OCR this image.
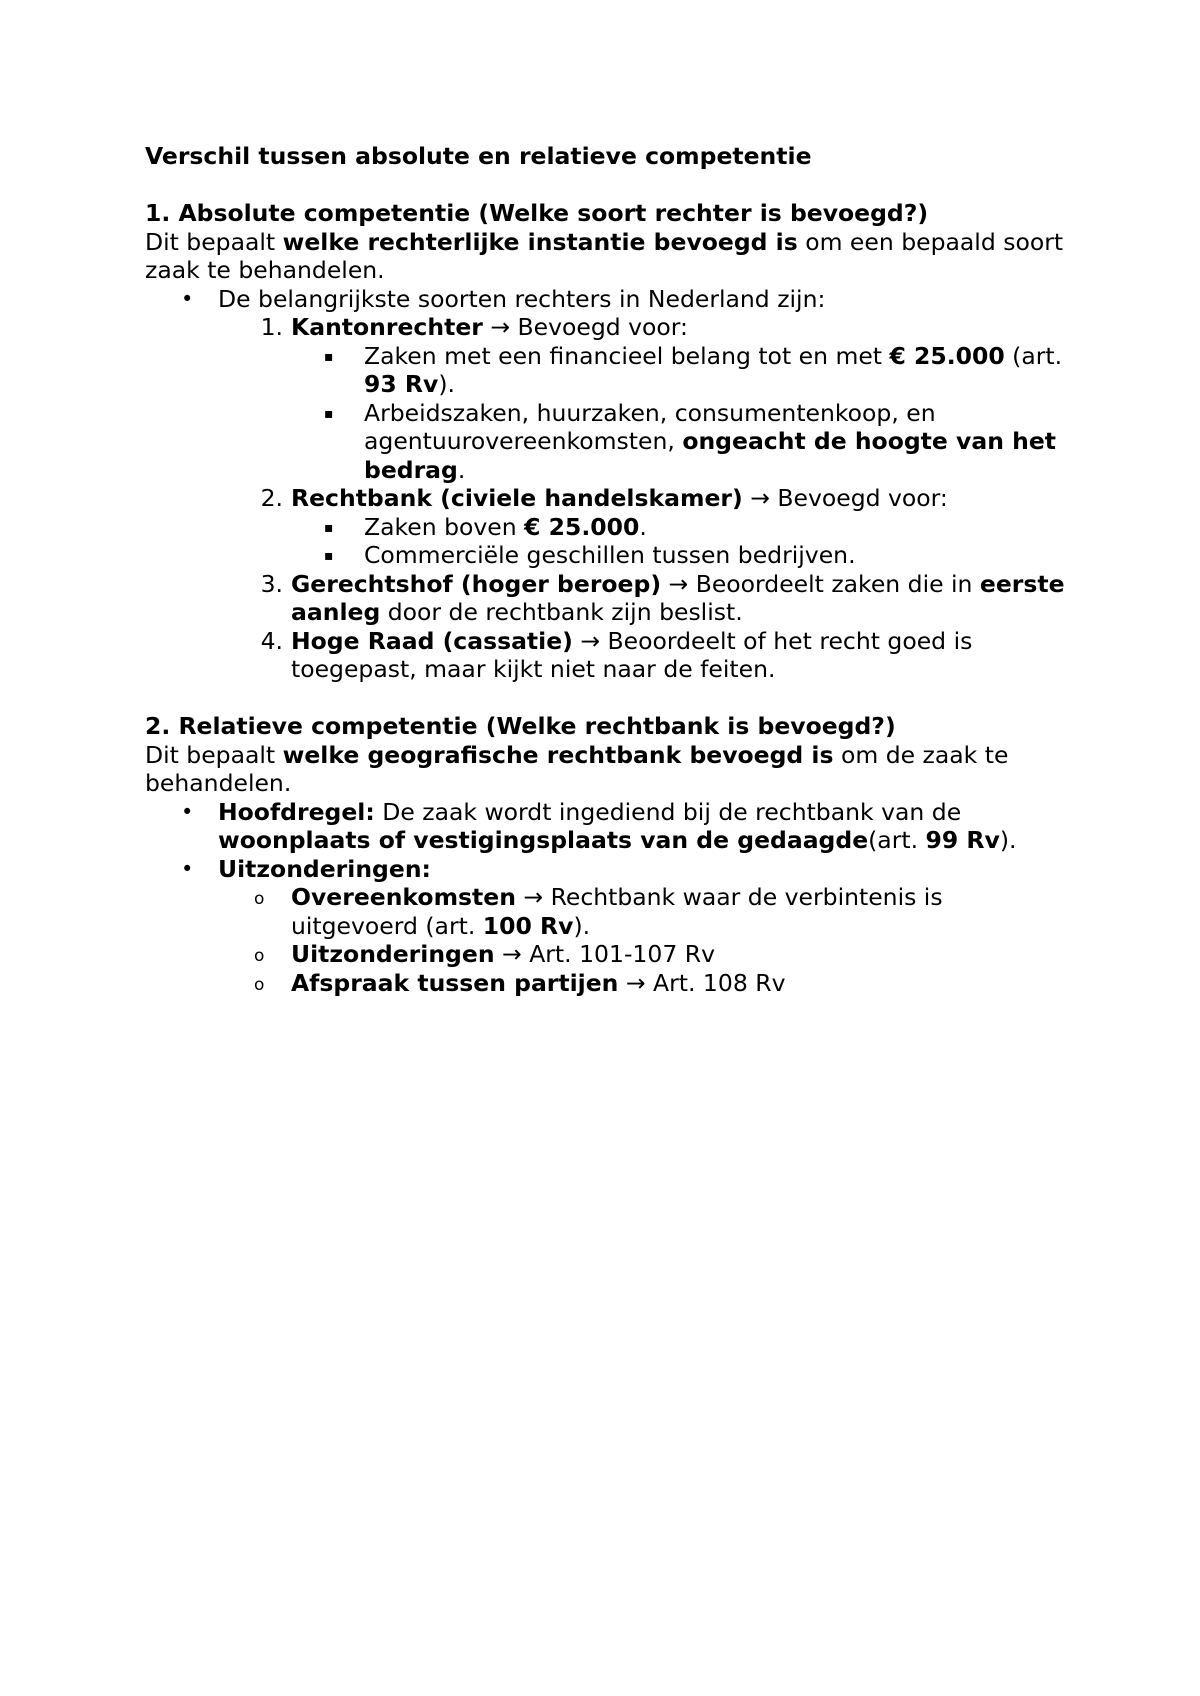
Verschil tussen absolute en relatieve competentie

1. Absolute competentie (Welke soort rechter is bevoegd?)

Dit bepaalt welke rechterlijke instantie bevoegd is om een bepaald soort zaak te behandelen.

• De belangrijkste soorten rechters in Nederland zijn:
1. Kantonrechter → Bevoegd voor:
▪ Zaken met een financieel belang tot en met € 25.000 (art. 93 Rv).
▪ Arbeidszaken, huurzaken, consumentenkoop, en agentuurovereenkomsten, ongeacht de hoogte van het bedrag.
2. Rechtbank (civiele handelskamer) → Bevoegd voor:
▪ Zaken boven € 25.000.
▪ Commerciële geschillen tussen bedrijven.
3. Gerechtshof (hoger beroep) → Beoordeelt zaken die in eerste aanleg door de rechtbank zijn beslist.
4. Hoge Raad (cassatie) → Beoordeelt of het recht goed is toegepast, maar kijkt niet naar de feiten.

2. Relatieve competentie (Welke rechtbank is bevoegd?)

Dit bepaalt welke geografische rechtbank bevoegd is om de zaak te behandelen.

• Hoofdregel: De zaak wordt ingediend bij de rechtbank van de woonplaats of vestigingsplaats van de gedaagde(art. 99 Rv).
• Uitzonderingen:
o Overeenkomsten → Rechtbank waar de verbintenis is uitgevoerd (art. 100 Rv).
o Uitzonderingen → Art. 101-107 Rv
o Afspraak tussen partijen → Art. 108 Rv
